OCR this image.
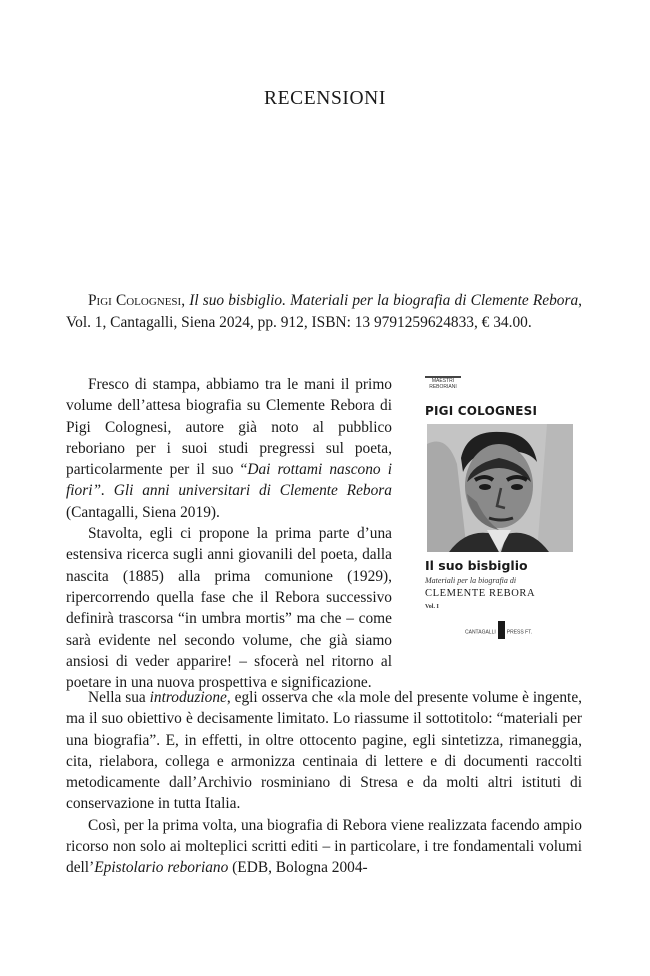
RECENSIONI
Pigi Colognesi, Il suo bisbiglio. Materiali per la biografia di Clemente Rebora, Vol. 1, Cantagalli, Siena 2024, pp. 912, ISBN: 13 9791259624833, € 34.00.

Fresco di stampa, abbiamo tra le mani il primo volume dell’attesa biografia su Clemente Rebora di Pigi Colognesi, autore già noto al pubblico reboriano per i suoi studi pregressi sul poeta, particolarmente per il suo “Dai rottami nascono i fiori”. Gli anni universitari di Clemente Rebora (Cantagalli, Siena 2019).

Stavolta, egli ci propone la prima parte d’una estensiva ricerca sugli anni giovanili del poeta, dalla nascita (1885) alla prima comunione (1929), ripercorrendo quella fase che il Rebora successivo definirà trascorsa “in umbra mortis” ma che – come sarà evidente nel secondo volume, che già siamo ansiosi di veder apparire! – sfocerà nel ritorno al poetare in una nuova prospettiva e significazione.

MAESTRI
REBORIANI
PIGI COLOGNESI
Il suo bisbiglio
Materiali per la biografia di
CLEMENTE REBORA
Vol. I
CANTAGALLI PRESS FT.

Nella sua introduzione, egli osserva che «la mole del presente volume è ingente, ma il suo obiettivo è decisamente limitato. Lo riassume il sottotitolo: “materiali per una biografia”. E, in effetti, in oltre ottocento pagine, egli sintetizza, rimaneggia, cita, rielabora, collega e armonizza centinaia di lettere e di documenti raccolti metodicamente dall’Archivio rosminiano di Stresa e da molti altri istituti di conservazione in tutta Italia.

Così, per la prima volta, una biografia di Rebora viene realizzata facendo ampio ricorso non solo ai molteplici scritti editi – in particolare, i tre fondamentali volumi dell’Epistolario reboriano (EDB, Bologna 2004-
